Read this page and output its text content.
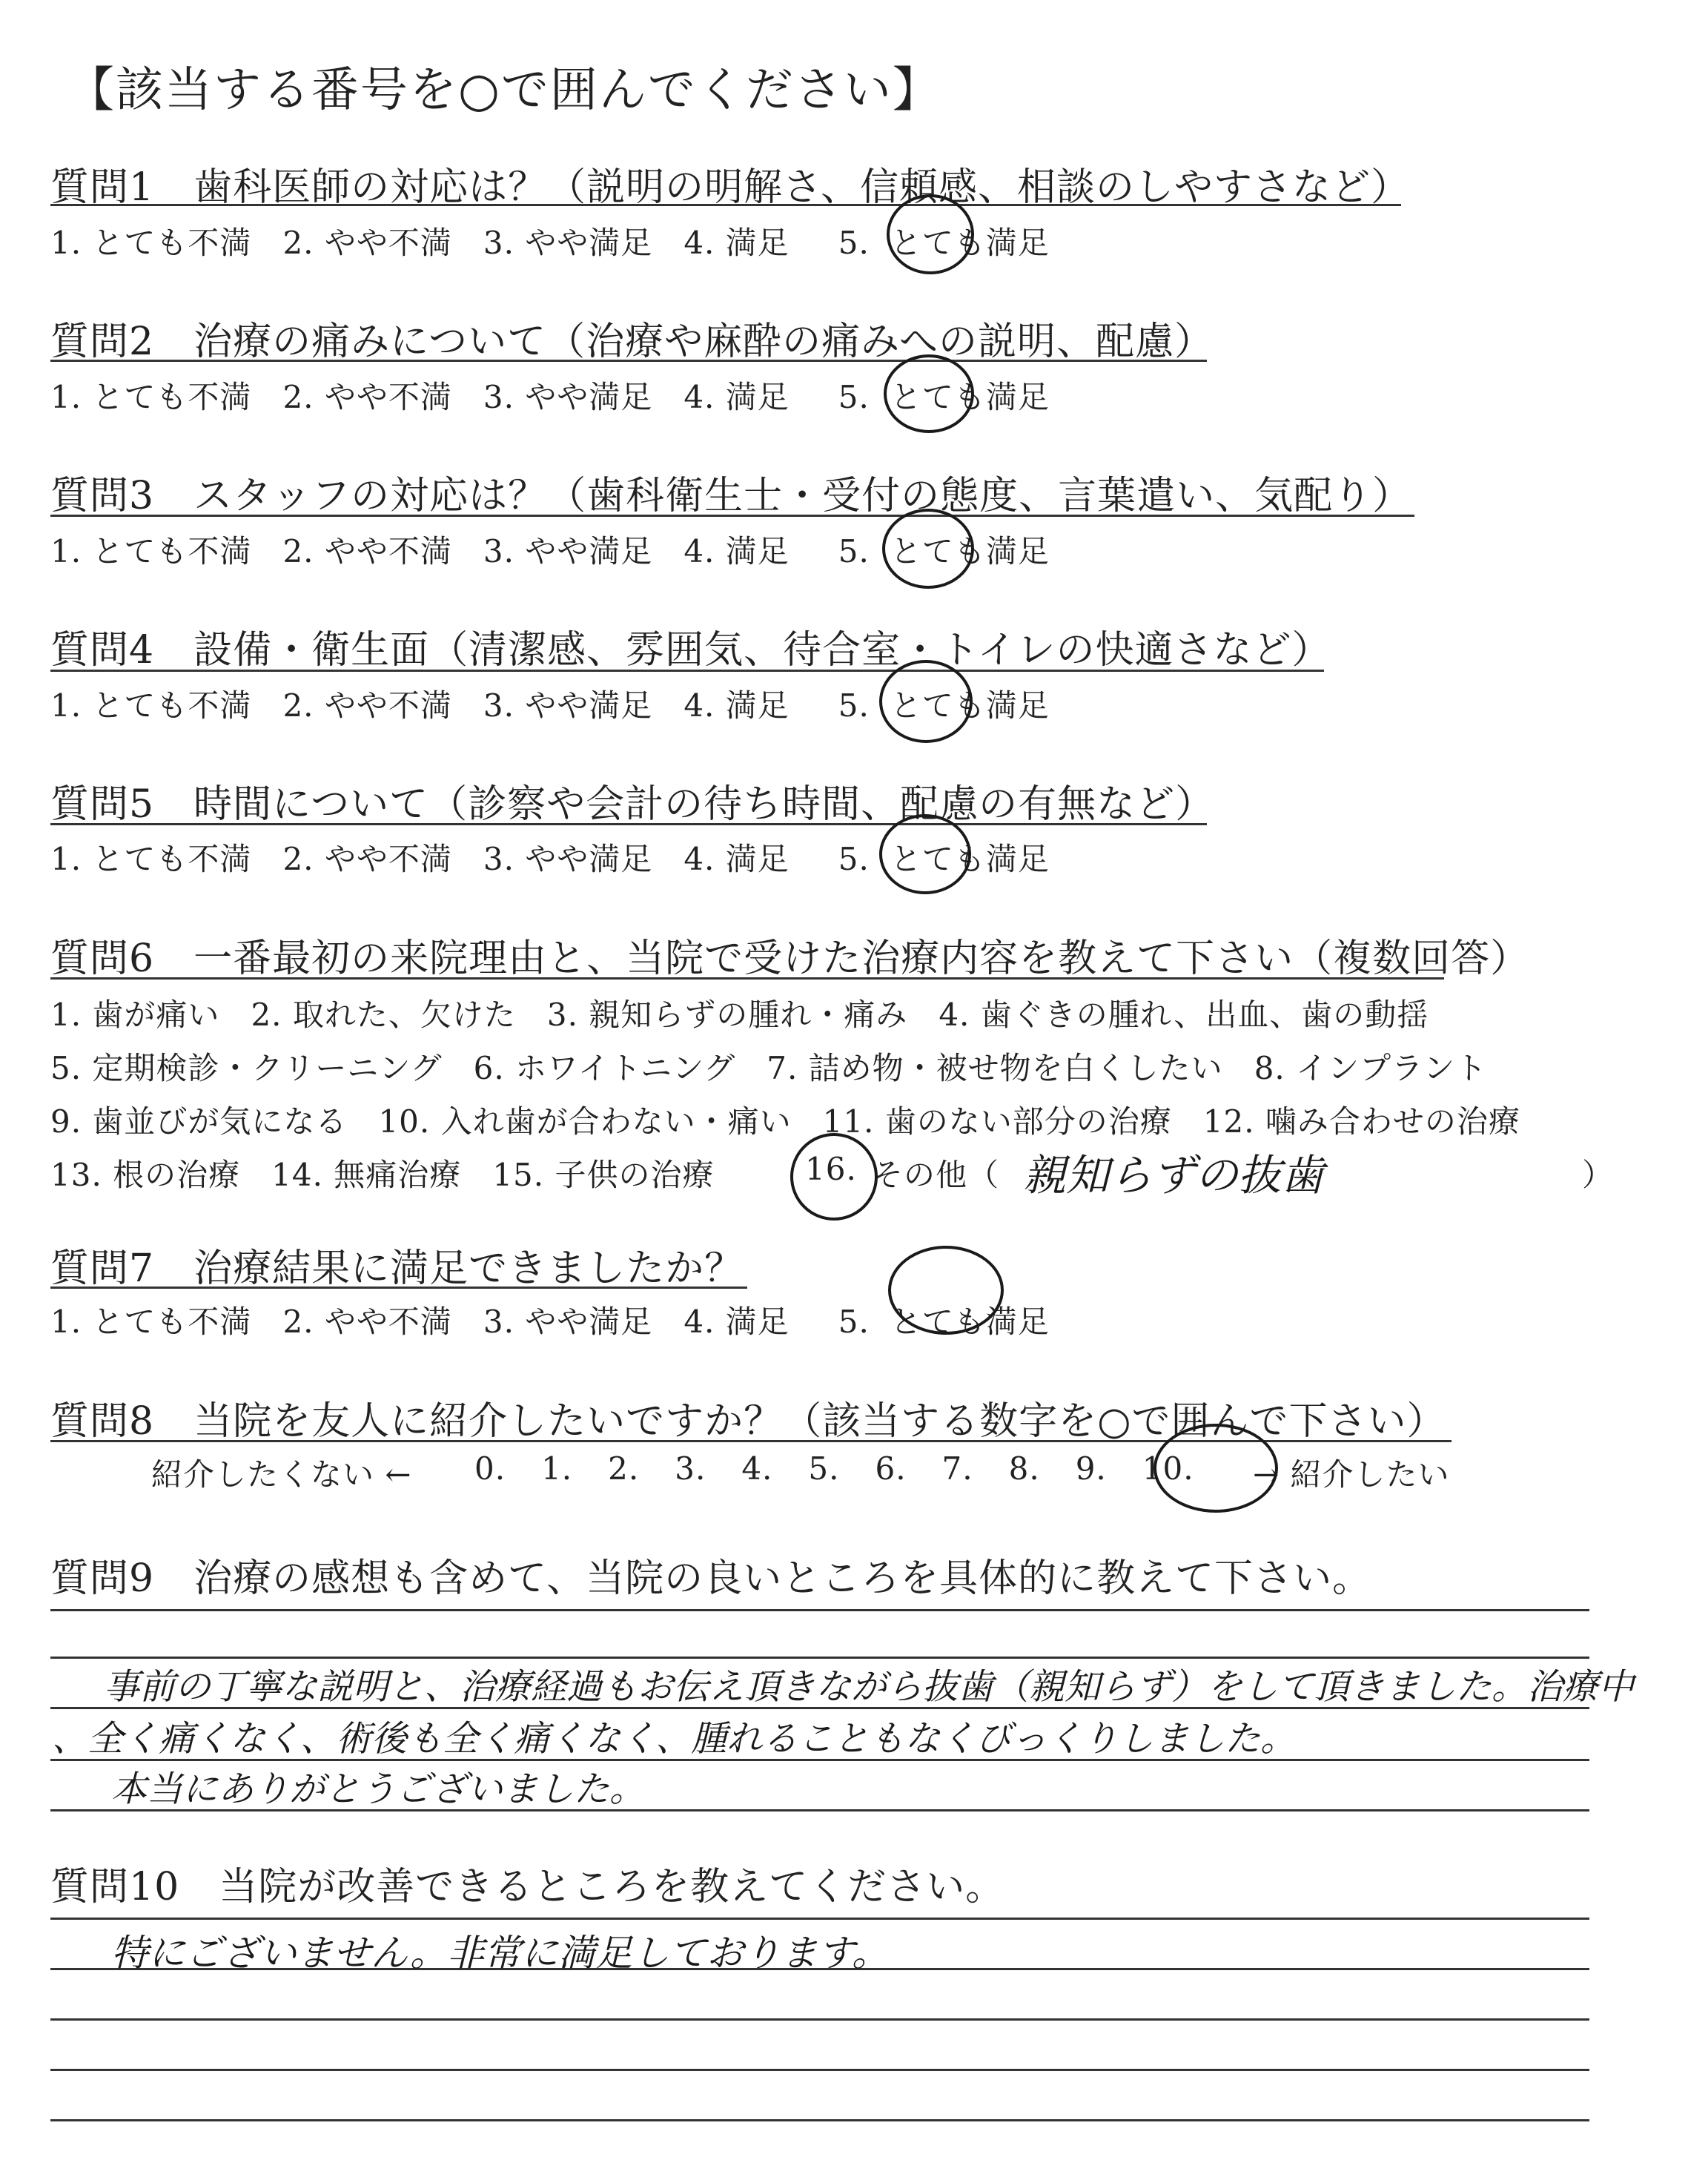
【該当する番号を○で囲んでください】
質問1　 歯科医師の対応は？（説明の明解さ、信頼感、相談のしやすさなど）
1. とても不満 2. やや不満 3. やや満足 4. 満足 5. とても満足
質問2　 治療の痛みについて（治療や麻酔の痛みへの説明、配慮）
1. とても不満 2. やや不満 3. やや満足 4. 満足 5. とても満足
質問3　 スタッフの対応は？（歯科衛生士・受付の態度、言葉遣い、気配り）
1. とても不満 2. やや不満 3. やや満足 4. 満足 5. とても満足
質問4　 設備・衛生面（清潔感、雰囲気、待合室・トイレの快適さなど）
1. とても不満 2. やや不満 3. やや満足 4. 満足 5. とても満足
質問5　 時間について（診察や会計の待ち時間、配慮の有無など）
1. とても不満 2. やや不満 3. やや満足 4. 満足 5. とても満足
質問6　 一番最初の来院理由と、当院で受けた治療内容を教えて下さい（複数回答）
1. 歯が痛い 2. 取れた、欠けた 3. 親知らずの腫れ・痛み 4. 歯ぐきの腫れ、出血、歯の動揺
5. 定期検診・クリーニング 6. ホワイトニング 7. 詰め物・被せ物を白くしたい 8. インプラント
9. 歯並びが気になる 10. 入れ歯が合わない・痛い 11. 歯のない部分の治療 12. 噛み合わせの治療
13. 根の治療 14. 無痛治療 15. 子供の治療	16. その他（	）
親知らずの抜歯
質問7　 治療結果に満足できましたか？
1. とても不満 2. やや不満 3. やや満足 4. 満足 5. とても満足
質問8　 当院を友人に紹介したいですか？（該当する数字を○で囲んで下さい）
紹介したくない ← 0. 1. 2. 3. 4. 5. 6. 7. 8. 9. 10.	→ 紹介したい
質問9　 治療の感想も含めて、当院の良いところを具体的に教えて下さい。
事前の丁寧な説明と、治療経過もお伝え頂きながら抜歯（親知らず）をして頂きました。治療中
、全く痛くなく、術後も全く痛くなく、腫れることもなくびっくりしました。
本当にありがとうございました。
質問10　 当院が改善できるところを教えてください。
特にございません。非常に満足しております。
